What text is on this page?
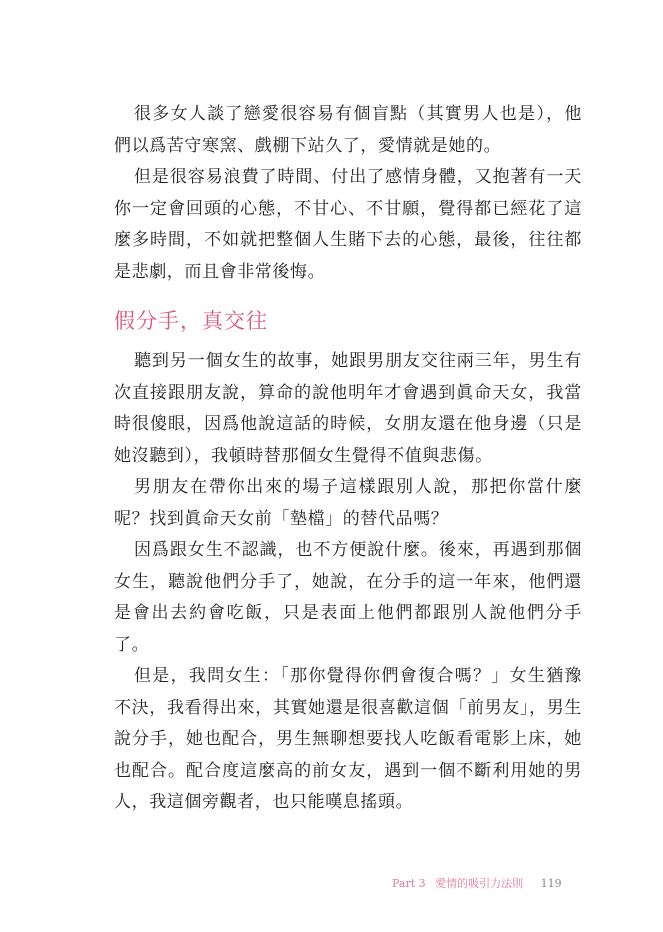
很多女人談了戀愛很容易有個盲點（其實男人也是），他們以爲苦守寒窯、戲棚下站久了，愛情就是她的。

但是很容易浪費了時間、付出了感情身體，又抱著有一天你一定會回頭的心態，不甘心、不甘願，覺得都已經花了這麼多時間，不如就把整個人生賭下去的心態，最後，往往都是悲劇，而且會非常後悔。

假分手，真交往

聽到另一個女生的故事，她跟男朋友交往兩三年，男生有次直接跟朋友說，算命的說他明年才會遇到眞命天女，我當時很傻眼，因爲他說這話的時候，女朋友還在他身邊（只是她沒聽到），我頓時替那個女生覺得不值與悲傷。

男朋友在帶你出來的場子這樣跟別人說，那把你當什麼呢？找到眞命天女前「墊檔」的替代品嗎？

因爲跟女生不認識，也不方便說什麼。後來，再遇到那個女生，聽說他們分手了，她說，在分手的這一年來，他們還是會出去約會吃飯，只是表面上他們都跟別人說他們分手了。

但是，我問女生：「那你覺得你們會復合嗎？」女生猶豫不決，我看得出來，其實她還是很喜歡這個「前男友」，男生說分手，她也配合，男生無聊想要找人吃飯看電影上床，她也配合。配合度這麼高的前女友，遇到一個不斷利用她的男人，我這個旁觀者，也只能嘆息搖頭。

Part 3 愛情的吸引力法則 119
